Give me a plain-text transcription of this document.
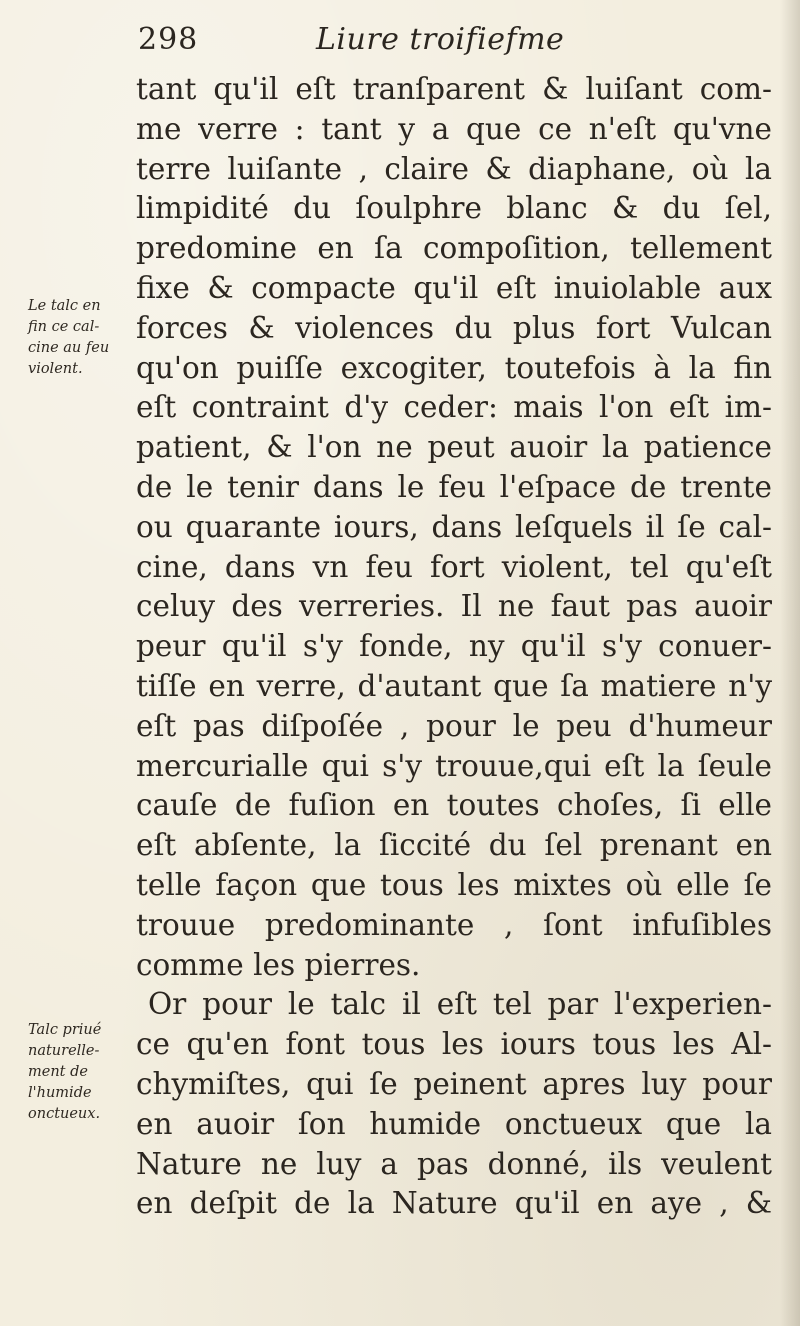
298	Liure troifiefme
Le talc en
fin ce cal-
cine au feu
violent.
Talc priué
naturelle-
ment de
l'humide
onctueux.
tant qu'il eſt tranſparent & luiſant com-
me verre : tant y a que ce n'eſt qu'vne
terre luiſante , claire & diaphane, où la
limpidité du ſoulphre blanc & du ſel,
predomine en ſa compoſition, tellement
fixe & compacte qu'il eſt inuiolable aux
forces & violences du plus fort Vulcan
qu'on puiſſe excogiter, toutefois à la fin
eſt contraint d'y ceder: mais l'on eſt im-
patient, & l'on ne peut auoir la patience
de le tenir dans le feu l'eſpace de trente
ou quarante iours, dans leſquels il ſe cal-
cine, dans vn feu fort violent, tel qu'eſt
celuy des verreries. Il ne faut pas auoir
peur qu'il s'y fonde, ny qu'il s'y conuer-
tiſſe en verre, d'autant que ſa matiere n'y
eſt pas diſpoſée , pour le peu d'humeur
mercurialle qui s'y trouue,qui eſt la ſeule
cauſe de fuſion en toutes choſes, ſi elle
eſt abſente, la ſiccité du ſel prenant en
telle façon que tous les mixtes où elle ſe
trouue predominante , ſont infuſibles
comme les pierres.
Or pour le talc il eſt tel par l'experien-
ce qu'en font tous les iours tous les Al-
chymiſtes, qui ſe peinent apres luy pour
en auoir ſon humide onctueux que la
Nature ne luy a pas donné, ils veulent
en deſpit de la Nature qu'il en aye , &
